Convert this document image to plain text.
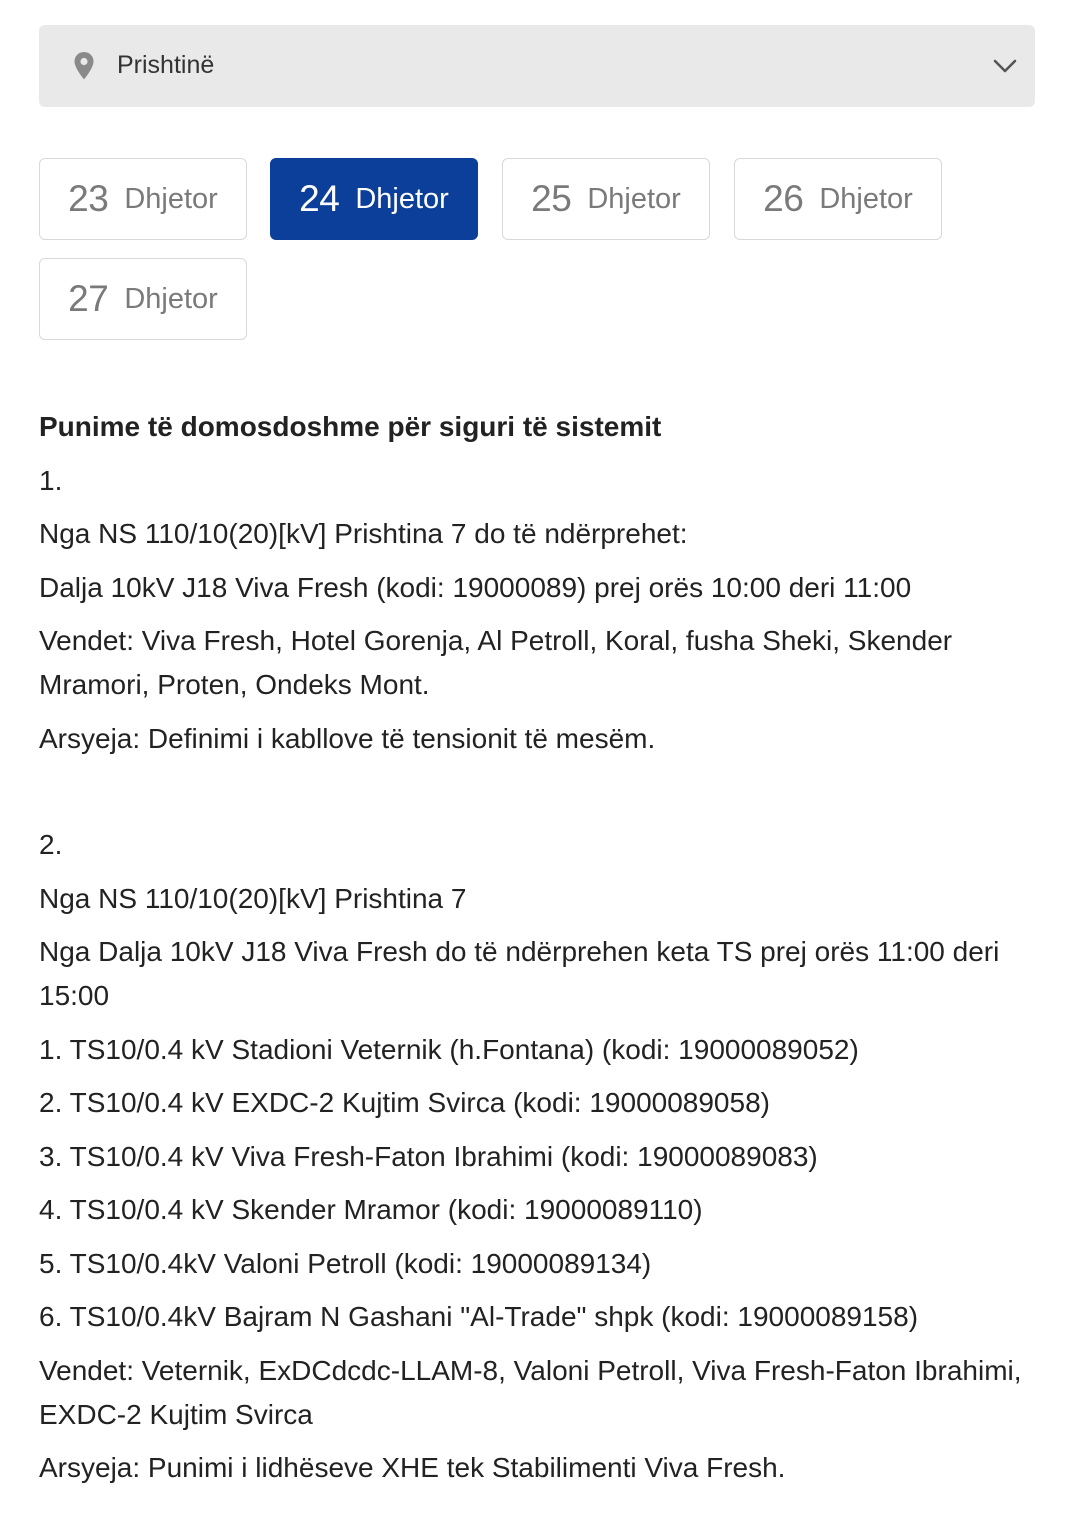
Prishtinë
23 Dhjetor 24 Dhjetor 25 Dhjetor 26 Dhjetor
27 Dhjetor

Punime të domosdoshme për siguri të sistemit

1.

Nga NS 110/10(20)[kV] Prishtina 7 do të ndërprehet:

Dalja 10kV J18 Viva Fresh (kodi: 19000089) prej orës 10:00 deri 11:00

Vendet: Viva Fresh, Hotel Gorenja, Al Petroll, Koral, fusha Sheki, Skender Mramori, Proten, Ondeks Mont.

Arsyeja: Definimi i kabllove të tensionit të mesëm.

2.

Nga NS 110/10(20)[kV] Prishtina 7

Nga Dalja 10kV J18 Viva Fresh do të ndërprehen keta TS prej orës 11:00 deri 15:00

1. TS10/0.4 kV Stadioni Veternik (h.Fontana) (kodi: 19000089052)

2. TS10/0.4 kV EXDC-2 Kujtim Svirca (kodi: 19000089058)

3. TS10/0.4 kV Viva Fresh-Faton Ibrahimi (kodi: 19000089083)

4. TS10/0.4 kV Skender Mramor (kodi: 19000089110)

5. TS10/0.4kV Valoni Petroll (kodi: 19000089134)

6. TS10/0.4kV Bajram N Gashani "Al-Trade" shpk (kodi: 19000089158)

Vendet: Veternik, ExDCdcdc-LLAM-8, Valoni Petroll, Viva Fresh-Faton Ibrahimi, EXDC-2 Kujtim Svirca

Arsyeja: Punimi i lidhëseve XHE tek Stabilimenti Viva Fresh.
